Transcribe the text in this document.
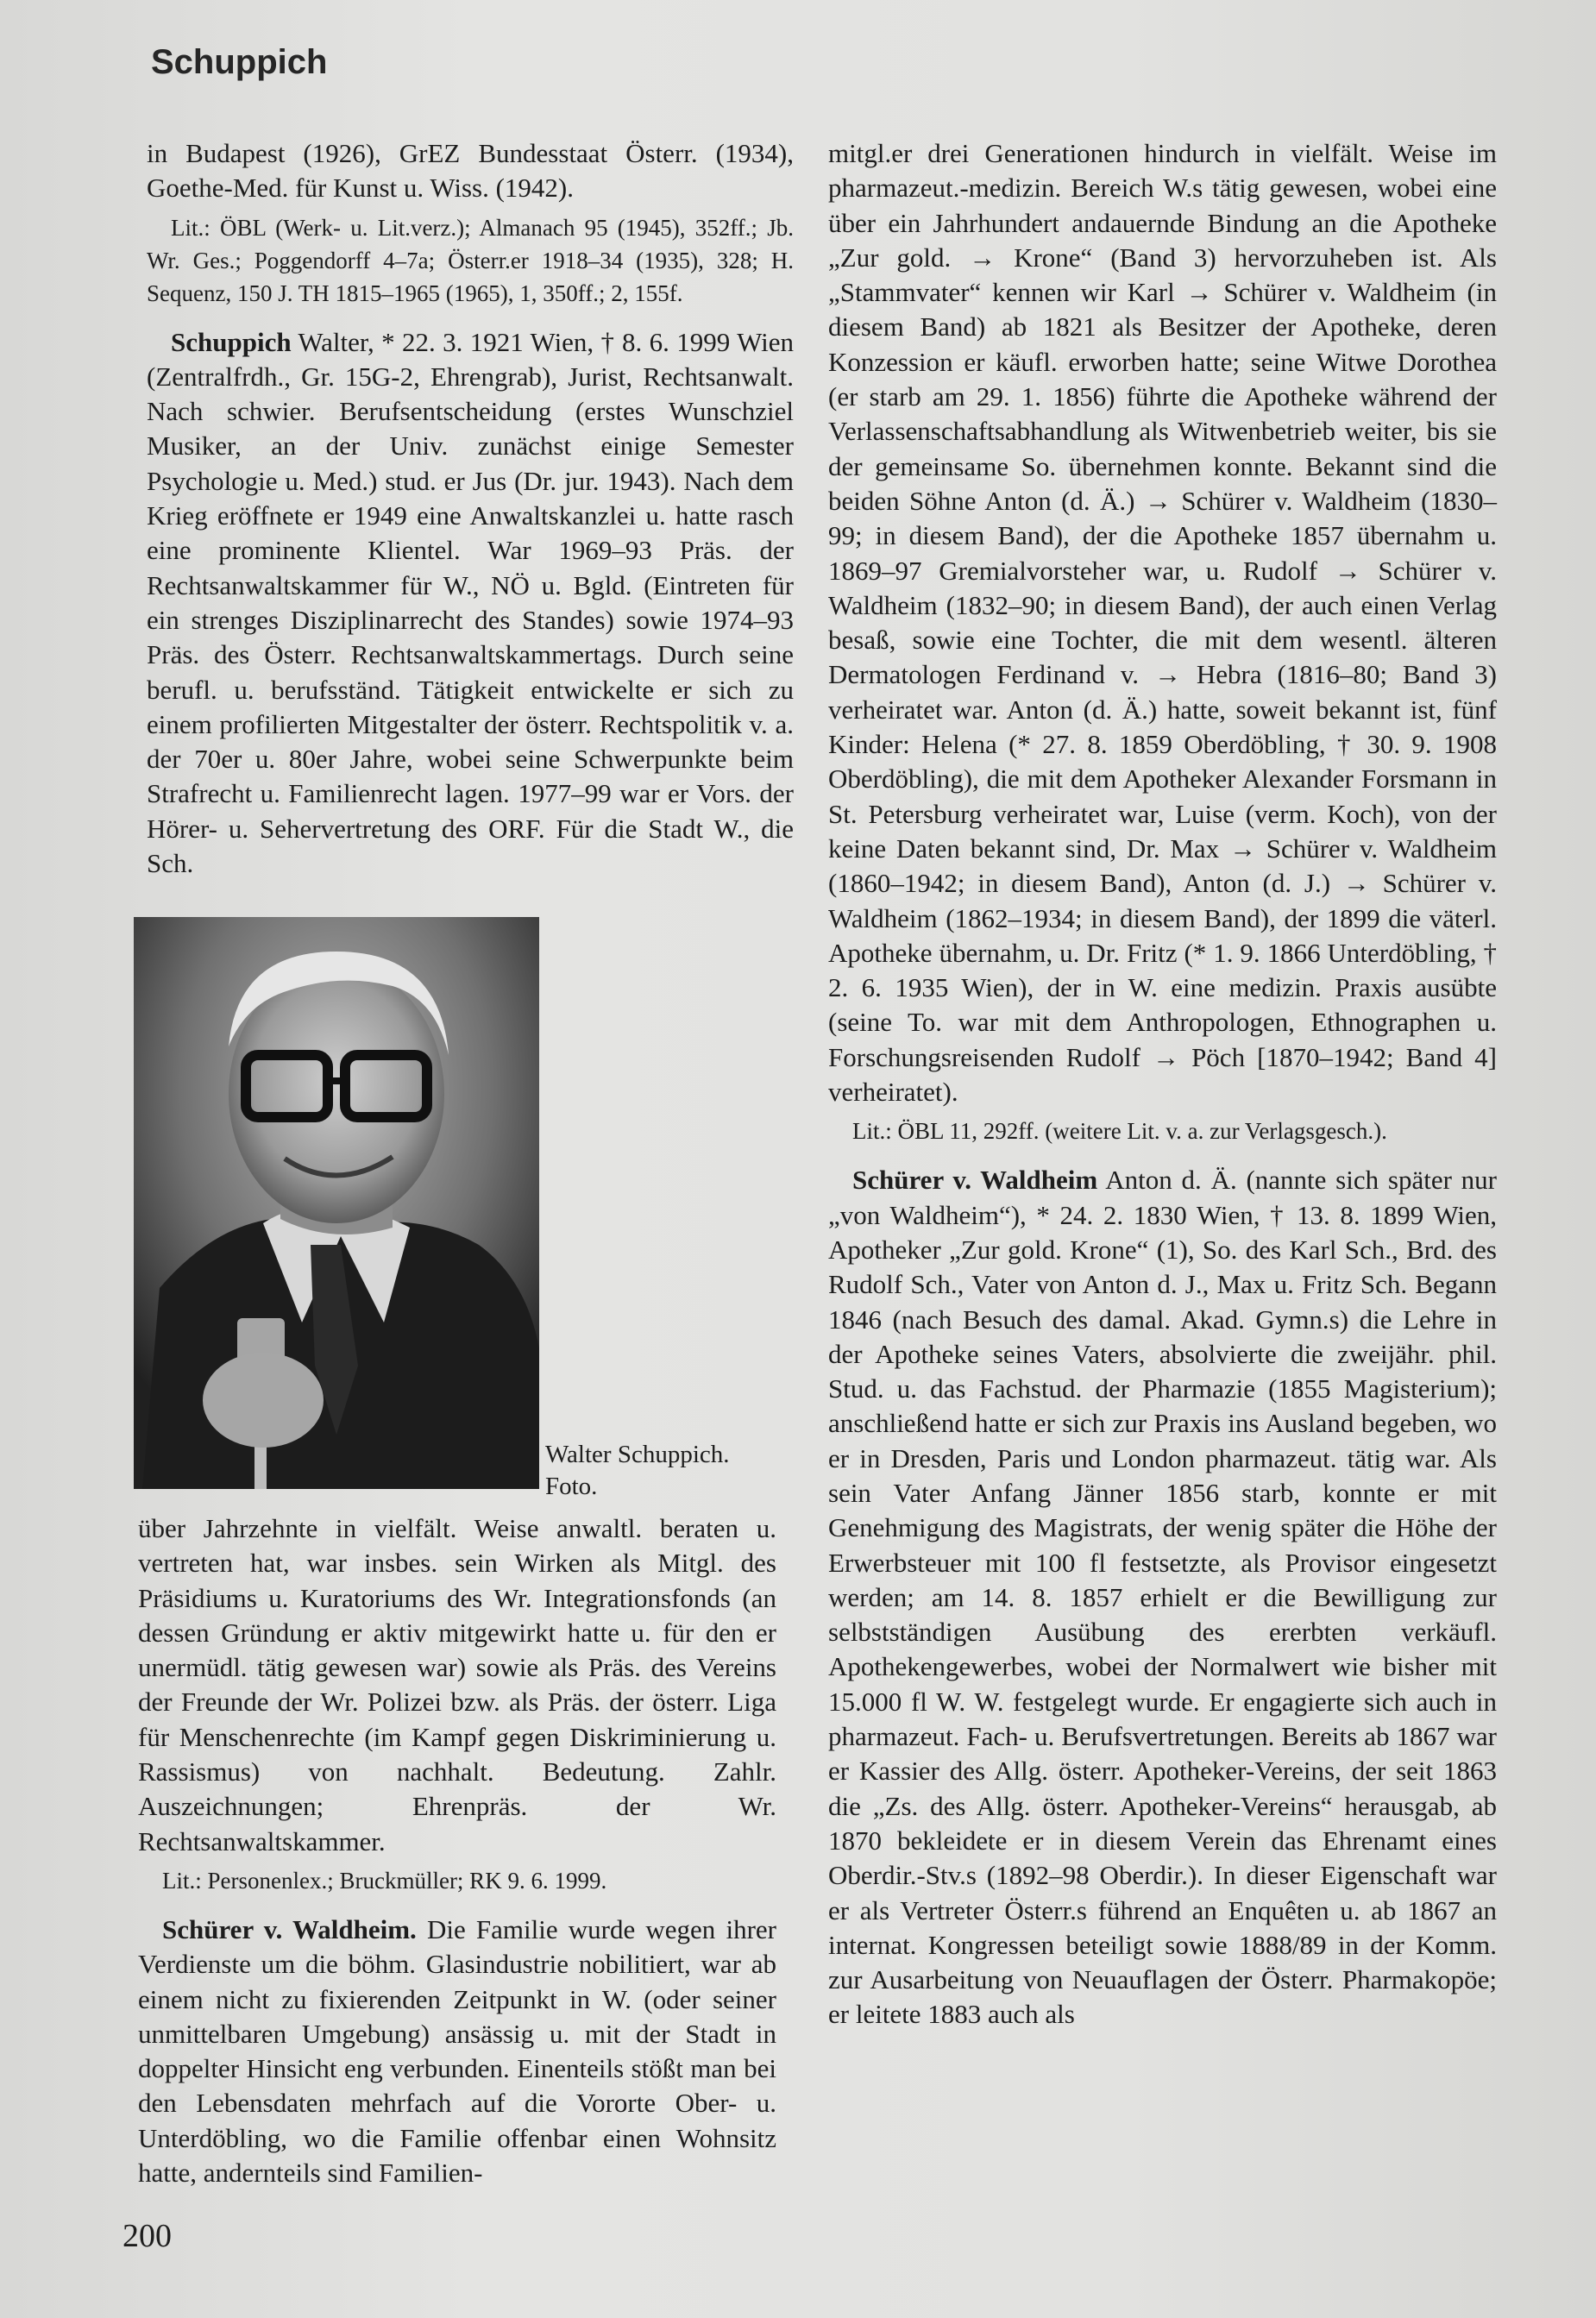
Schuppich

in Budapest (1926), GrEZ Bundesstaat Österr. (1934), Goethe-Med. für Kunst u. Wiss. (1942).

Lit.: ÖBL (Werk- u. Lit.verz.); Almanach 95 (1945), 352ff.; Jb. Wr. Ges.; Poggendorff 4–7a; Österr.er 1918–34 (1935), 328; H. Sequenz, 150 J. TH 1815–1965 (1965), 1, 350ff.; 2, 155f.

Schuppich Walter, * 22. 3. 1921 Wien, † 8. 6. 1999 Wien (Zentralfrdh., Gr. 15G-2, Ehrengrab), Jurist, Rechtsanwalt. Nach schwier. Berufsentscheidung (erstes Wunschziel Musiker, an der Univ. zunächst einige Semester Psychologie u. Med.) stud. er Jus (Dr. jur. 1943). Nach dem Krieg eröffnete er 1949 eine Anwaltskanzlei u. hatte rasch eine prominente Klientel. War 1969–93 Präs. der Rechtsanwaltskammer für W., NÖ u. Bgld. (Eintreten für ein strenges Disziplinarrecht des Standes) sowie 1974–93 Präs. des Österr. Rechtsanwaltskammertags. Durch seine berufl. u. berufsständ. Tätigkeit entwickelte er sich zu einem profilierten Mitgestalter der österr. Rechtspolitik v. a. der 70er u. 80er Jahre, wobei seine Schwerpunkte beim Strafrecht u. Familienrecht lagen. 1977–99 war er Vors. der Hörer- u. Sehervertretung des ORF. Für die Stadt W., die Sch.

Walter Schuppich. Foto.

über Jahrzehnte in vielfält. Weise anwaltl. beraten u. vertreten hat, war insbes. sein Wirken als Mitgl. des Präsidiums u. Kuratoriums des Wr. Integrationsfonds (an dessen Gründung er aktiv mitgewirkt hatte u. für den er unermüdl. tätig gewesen war) sowie als Präs. des Vereins der Freunde der Wr. Polizei bzw. als Präs. der österr. Liga für Menschenrechte (im Kampf gegen Diskriminierung u. Rassismus) von nachhalt. Bedeutung. Zahlr. Auszeichnungen; Ehrenpräs. der Wr. Rechtsanwaltskammer.

Lit.: Personenlex.; Bruckmüller; RK 9. 6. 1999.

Schürer v. Waldheim. Die Familie wurde wegen ihrer Verdienste um die böhm. Glasindustrie nobilitiert, war ab einem nicht zu fixierenden Zeitpunkt in W. (oder seiner unmittelbaren Umgebung) ansässig u. mit der Stadt in doppelter Hinsicht eng verbunden. Einenteils stößt man bei den Lebensdaten mehrfach auf die Vororte Ober- u. Unterdöbling, wo die Familie offenbar einen Wohnsitz hatte, andernteils sind Familien-

mitgl.er drei Generationen hindurch in vielfält. Weise im pharmazeut.-medizin. Bereich W.s tätig gewesen, wobei eine über ein Jahrhundert andauernde Bindung an die Apotheke „Zur gold. → Krone“ (Band 3) hervorzuheben ist. Als „Stammvater“ kennen wir Karl → Schürer v. Waldheim (in diesem Band) ab 1821 als Besitzer der Apotheke, deren Konzession er käufl. erworben hatte; seine Witwe Dorothea (er starb am 29. 1. 1856) führte die Apotheke während der Verlassenschaftsabhandlung als Witwenbetrieb weiter, bis sie der gemeinsame So. übernehmen konnte. Bekannt sind die beiden Söhne Anton (d. Ä.) → Schürer v. Waldheim (1830–99; in diesem Band), der die Apotheke 1857 übernahm u. 1869–97 Gremialvorsteher war, u. Rudolf → Schürer v. Waldheim (1832–90; in diesem Band), der auch einen Verlag besaß, sowie eine Tochter, die mit dem wesentl. älteren Dermatologen Ferdinand v. → Hebra (1816–80; Band 3) verheiratet war. Anton (d. Ä.) hatte, soweit bekannt ist, fünf Kinder: Helena (* 27. 8. 1859 Oberdöbling, † 30. 9. 1908 Oberdöbling), die mit dem Apotheker Alexander Forsmann in St. Petersburg verheiratet war, Luise (verm. Koch), von der keine Daten bekannt sind, Dr. Max → Schürer v. Waldheim (1860–1942; in diesem Band), Anton (d. J.) → Schürer v. Waldheim (1862–1934; in diesem Band), der 1899 die väterl. Apotheke übernahm, u. Dr. Fritz (* 1. 9. 1866 Unterdöbling, † 2. 6. 1935 Wien), der in W. eine medizin. Praxis ausübte (seine To. war mit dem Anthropologen, Ethnographen u. Forschungsreisenden Rudolf → Pöch [1870–1942; Band 4] verheiratet).

Lit.: ÖBL 11, 292ff. (weitere Lit. v. a. zur Verlagsgesch.).

Schürer v. Waldheim Anton d. Ä. (nannte sich später nur „von Waldheim“), * 24. 2. 1830 Wien, † 13. 8. 1899 Wien, Apotheker „Zur gold. Krone“ (1), So. des Karl Sch., Brd. des Rudolf Sch., Vater von Anton d. J., Max u. Fritz Sch. Begann 1846 (nach Besuch des damal. Akad. Gymn.s) die Lehre in der Apotheke seines Vaters, absolvierte die zweijähr. phil. Stud. u. das Fachstud. der Pharmazie (1855 Magisterium); anschließend hatte er sich zur Praxis ins Ausland begeben, wo er in Dresden, Paris und London pharmazeut. tätig war. Als sein Vater Anfang Jänner 1856 starb, konnte er mit Genehmigung des Magistrats, der wenig später die Höhe der Erwerbsteuer mit 100 fl festsetzte, als Provisor eingesetzt werden; am 14. 8. 1857 erhielt er die Bewilligung zur selbstständigen Ausübung des ererbten verkäufl. Apothekengewerbes, wobei der Normalwert wie bisher mit 15.000 fl W. W. festgelegt wurde. Er engagierte sich auch in pharmazeut. Fach- u. Berufsvertretungen. Bereits ab 1867 war er Kassier des Allg. österr. Apotheker-Vereins, der seit 1863 die „Zs. des Allg. österr. Apotheker-Vereins“ herausgab, ab 1870 bekleidete er in diesem Verein das Ehrenamt eines Oberdir.-Stv.s (1892–98 Oberdir.). In dieser Eigenschaft war er als Vertreter Österr.s führend an Enquêten u. ab 1867 an internat. Kongressen beteiligt sowie 1888/89 in der Komm. zur Ausarbeitung von Neuauflagen der Österr. Pharmakopöe; er leitete 1883 auch als

200
